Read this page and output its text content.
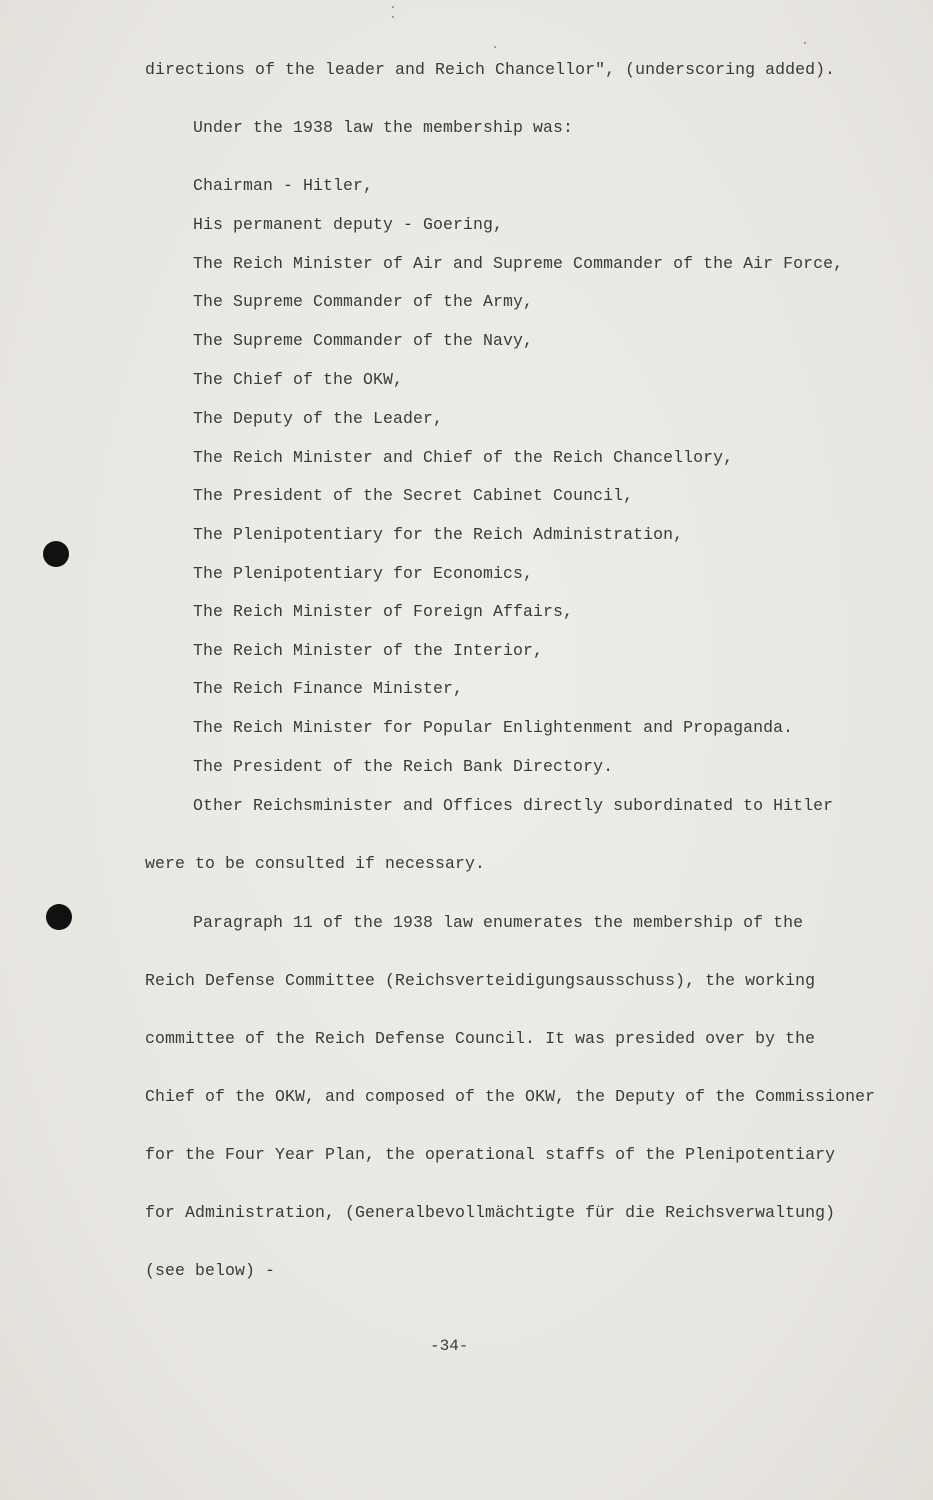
directions of the leader and Reich Chancellor", (underscoring added).
Under the 1938 law the membership was:
Chairman - Hitler,
His permanent deputy - Goering,
The Reich Minister of Air and Supreme Commander of the Air Force,
The Supreme Commander of the Army,
The Supreme Commander of the Navy,
The Chief of the OKW,
The Deputy of the Leader,
The Reich Minister and Chief of the Reich Chancellory,
The President of the Secret Cabinet Council,
The Plenipotentiary for the Reich Administration,
The Plenipotentiary for Economics,
The Reich Minister of Foreign Affairs,
The Reich Minister of the Interior,
The Reich Finance Minister,
The Reich Minister for Popular Enlightenment and Propaganda.
The President of the Reich Bank Directory.
Other Reichsminister and Offices directly subordinated to Hitler
were to be consulted if necessary.
Paragraph 11 of the 1938 law enumerates the membership of the
Reich Defense Committee (Reichsverteidigungsausschuss), the working
committee of the Reich Defense Council. It was presided over by the
Chief of the OKW, and composed of the OKW, the Deputy of the Commissioner
for the Four Year Plan, the operational staffs of the Plenipotentiary
for Administration, (Generalbevollmächtigte für die Reichsverwaltung)
(see below) -
-34-
